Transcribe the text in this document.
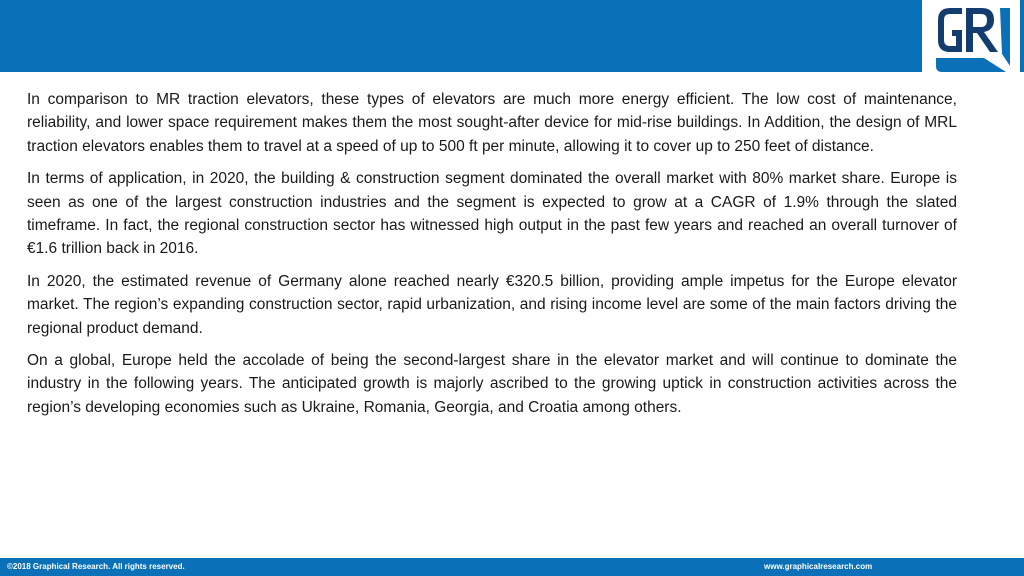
In comparison to MR traction elevators, these types of elevators are much more energy efficient. The low cost of maintenance, reliability, and lower space requirement makes them the most sought-after device for mid-rise buildings. In Addition, the design of MRL traction elevators enables them to travel at a speed of up to 500 ft per minute, allowing it to cover up to 250 feet of distance.

In terms of application, in 2020, the building & construction segment dominated the overall market with 80% market share. Europe is seen as one of the largest construction industries and the segment is expected to grow at a CAGR of 1.9% through the slated timeframe. In fact, the regional construction sector has witnessed high output in the past few years and reached an overall turnover of €1.6 trillion back in 2016.

In 2020, the estimated revenue of Germany alone reached nearly €320.5 billion, providing ample impetus for the Europe elevator market. The region’s expanding construction sector, rapid urbanization, and rising income level are some of the main factors driving the regional product demand.

On a global, Europe held the accolade of being the second-largest share in the elevator market and will continue to dominate the industry in the following years. The anticipated growth is majorly ascribed to the growing uptick in construction activities across the region’s developing economies such as Ukraine, Romania, Georgia, and Croatia among others.

©2018 Graphical Research. All rights reserved.	www.graphicalresearch.com
